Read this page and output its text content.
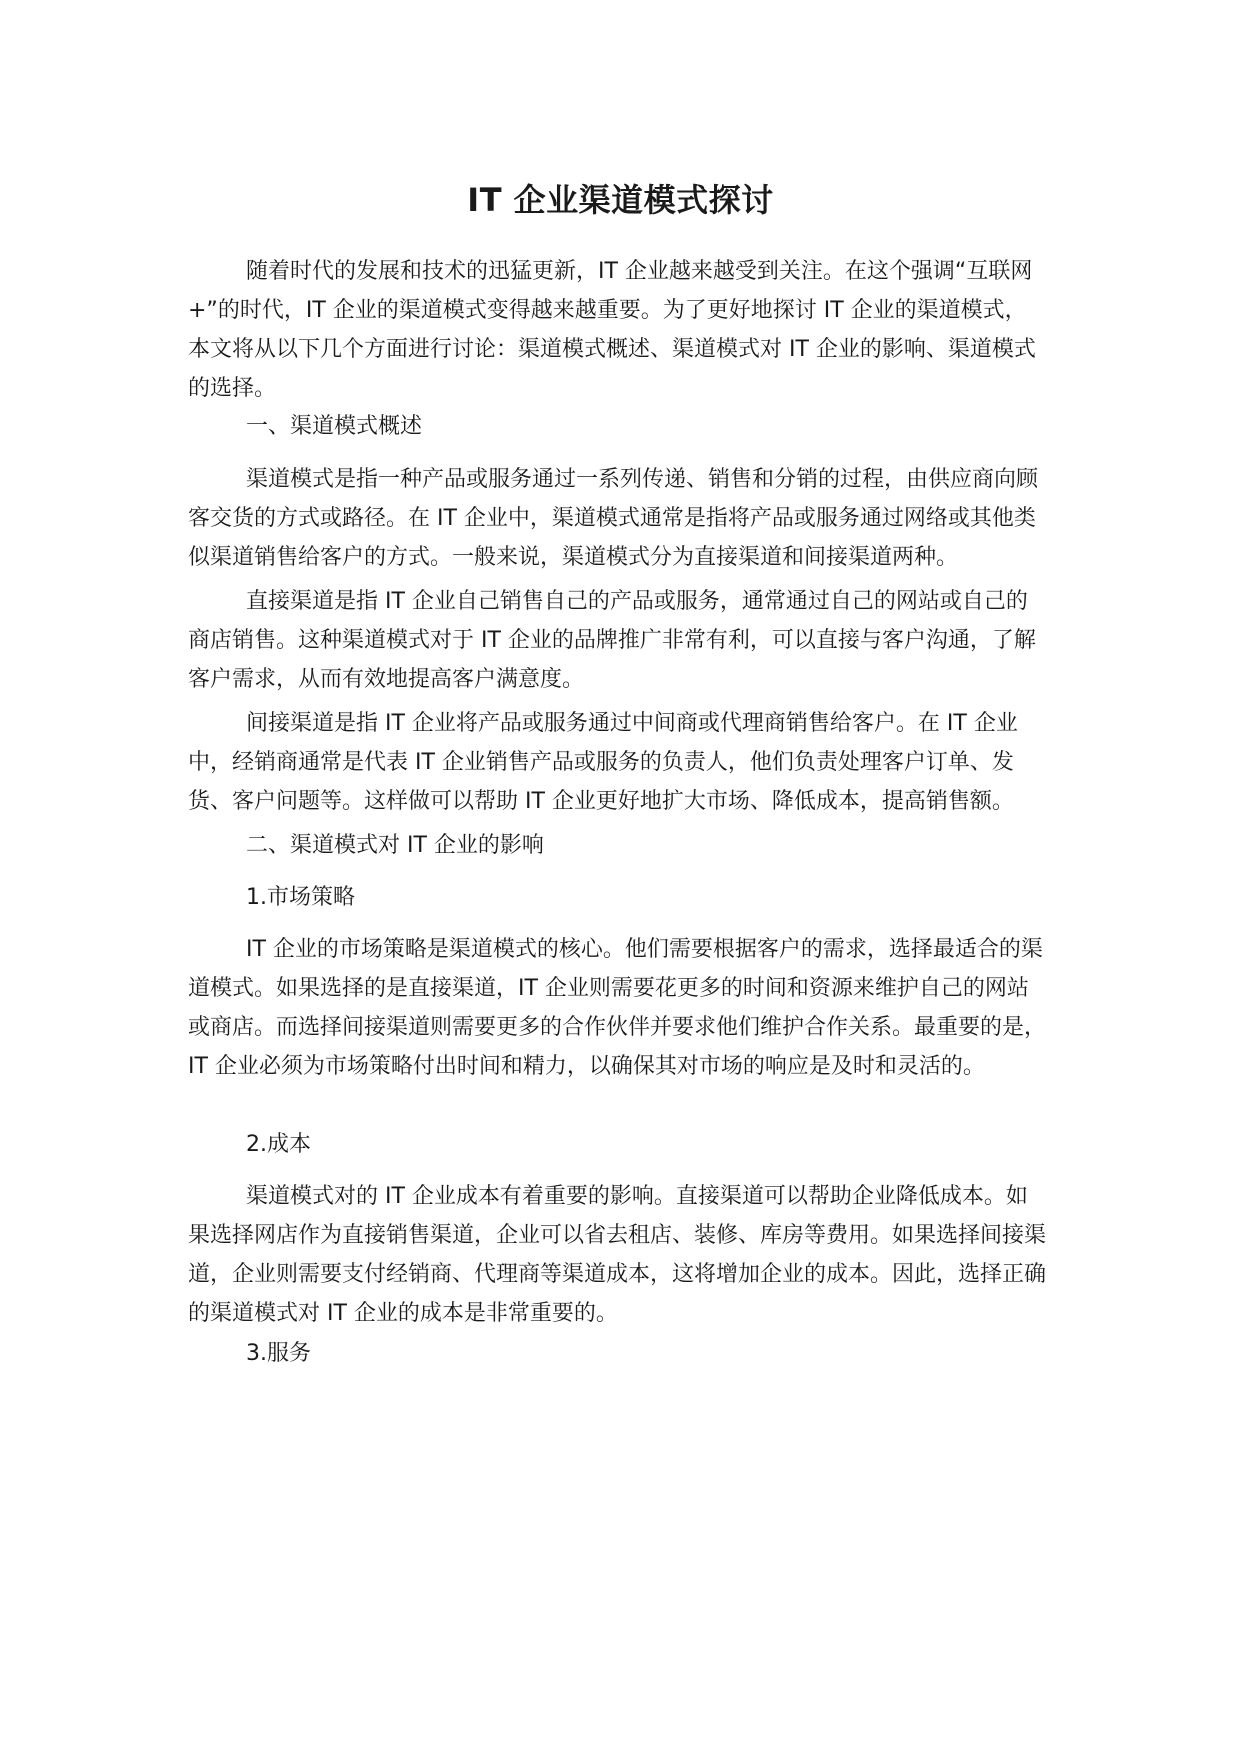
IT 企业渠道模式探讨

随着时代的发展和技术的迅猛更新，IT 企业越来越受到关注。在这个强调“互联网+”的时代，IT 企业的渠道模式变得越来越重要。为了更好地探讨 IT 企业的渠道模式，本文将从以下几个方面进行讨论：渠道模式概述、渠道模式对 IT 企业的影响、渠道模式的选择。

一、渠道模式概述

渠道模式是指一种产品或服务通过一系列传递、销售和分销的过程，由供应商向顾客交货的方式或路径。在 IT 企业中，渠道模式通常是指将产品或服务通过网络或其他类似渠道销售给客户的方式。一般来说，渠道模式分为直接渠道和间接渠道两种。

直接渠道是指 IT 企业自己销售自己的产品或服务，通常通过自己的网站或自己的商店销售。这种渠道模式对于 IT 企业的品牌推广非常有利，可以直接与客户沟通，了解客户需求，从而有效地提高客户满意度。

间接渠道是指 IT 企业将产品或服务通过中间商或代理商销售给客户。在 IT 企业中，经销商通常是代表 IT 企业销售产品或服务的负责人，他们负责处理客户订单、发货、客户问题等。这样做可以帮助 IT 企业更好地扩大市场、降低成本，提高销售额。

二、渠道模式对 IT 企业的影响

1.市场策略

IT 企业的市场策略是渠道模式的核心。他们需要根据客户的需求，选择最适合的渠道模式。如果选择的是直接渠道，IT 企业则需要花更多的时间和资源来维护自己的网站或商店。而选择间接渠道则需要更多的合作伙伴并要求他们维护合作关系。最重要的是，IT 企业必须为市场策略付出时间和精力，以确保其对市场的响应是及时和灵活的。

2.成本

渠道模式对的 IT 企业成本有着重要的影响。直接渠道可以帮助企业降低成本。如果选择网店作为直接销售渠道，企业可以省去租店、装修、库房等费用。如果选择间接渠道，企业则需要支付经销商、代理商等渠道成本，这将增加企业的成本。因此，选择正确的渠道模式对 IT 企业的成本是非常重要的。

3.服务
